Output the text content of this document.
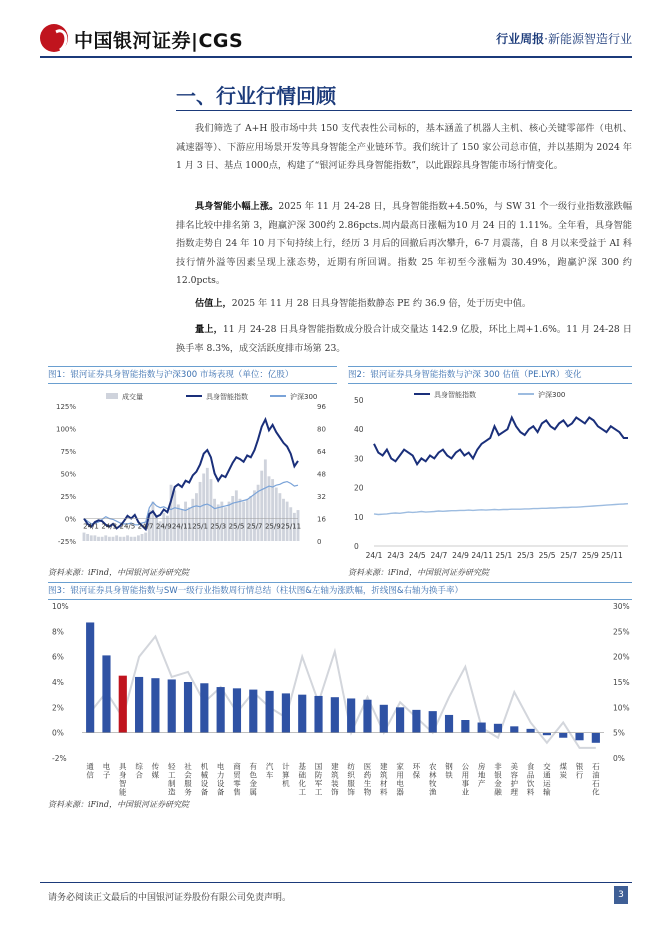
中国银河证券|CGS	行业周报·新能源智造行业
一、行业行情回顾
我们筛选了 A+H 股市场中共 150 支代表性公司标的，基本涵盖了机器人主机、核心关键零部件（电机、减速器等）、下游应用场景开发等具身智能全产业链环节。我们统计了 150 家公司总市值，并以基期为 2024 年 1 月 3 日、基点 1000点，构建了“银河证券具身智能指数”，以此跟踪具身智能市场行情变化。
具身智能小幅上涨。2025 年 11 月 24-28 日，具身智能指数+4.50%，与 SW 31 个一级行业指数涨跌幅排名比较中排名第 3，跑赢沪深 300约 2.86pcts.周内最高日涨幅为10 月 24 日的 1.11%。全年看，具身智能指数走势自 24 年 10 月下旬持续上行，经历 3 月后的回撤后再次攀升，6-7 月震荡，自 8 月以来受益于 AI 科技行情外溢等因素呈现上涨态势，近期有所回调。指数 25 年初至今涨幅为 30.49%，跑赢沪深 300 约 12.0pcts。
估值上，2025 年 11 月 28 日具身智能指数静态 PE 约 36.9 倍，处于历史中值。
量上，11 月 24-28 日具身智能指数成分股合计成交量达 142.9 亿股，环比上周+1.6%。11 月 24-28 日换手率 8.3%，成交活跃度排市场第 23。
图1：银河证券具身智能指数与沪深300 市场表现（单位：亿股）
成交量	具身智能指数	沪深300
125%
100%
75%
50%
25%
0%
-25%
96
80
64
48
32
16
0
24/1 24/3 24/5 24/7 24/9 24/11 25/1 25/3 25/5 25/7 25/9 25/11
资料来源：iFind，中国银河证券研究院
图2：银河证券具身智能指数与沪深 300 估值（PE.LYR）变化
具身智能指数	沪深300
50
40
30
20
10
0
24/1 24/3 24/5 24/7 24/9 24/11 25/1 25/3 25/5 25/7 25/9 25/11
资料来源：iFind，中国银河证券研究院
图3：银河证券具身智能指数与SW一级行业指数周行情总结（柱状图&左轴为涨跌幅，折线图&右轴为换手率）
10%
8%
6%
4%
2%
0%
-2%
30%
25%
20%
15%
10%
5%
0%
通信
电子
具身智能
综合
传媒
轻工制造
社会服务
机械设备
电力设备
商贸零售
有色金属
汽车
计算机
基础化工
国防军工
建筑装饰
纺织服饰
医药生物
建筑材料
家用电器
环保
农林牧渔
钢铁
公用事业
房地产
非银金融
美容护理
食品饮料
交通运输
煤炭
银行
石油石化
资料来源：iFind，中国银河证券研究院
请务必阅读正文最后的中国银河证券股份有限公司免责声明。	3
